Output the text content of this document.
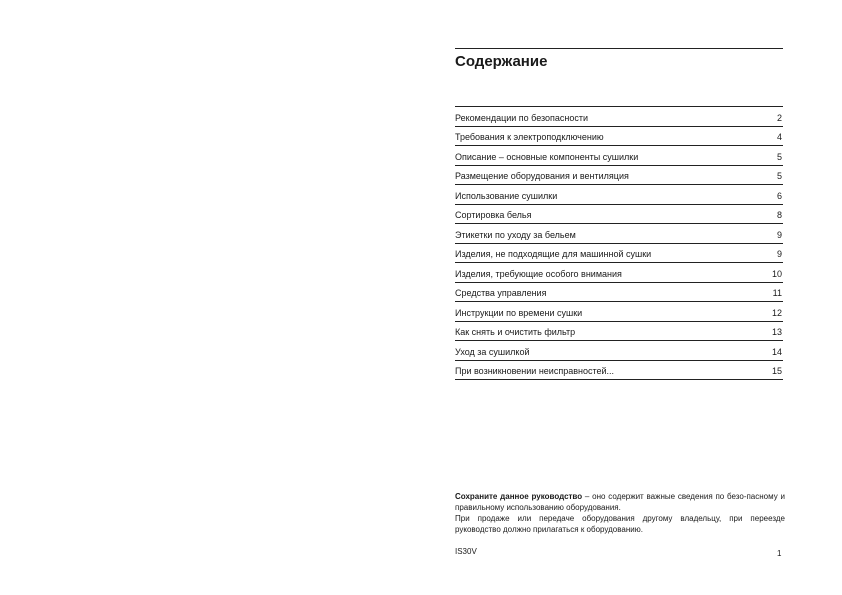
Содержание
Рекомендации по безопасности	2
Требования к электроподключению	4
Описание – основные компоненты сушилки	5
Размещение оборудования и вентиляция	5
Использование сушилки	6
Сортировка белья	8
Этикетки по уходу за бельем	9
Изделия, не подходящие для машинной сушки	9
Изделия, требующие особого внимания	10
Средства управления	11
Инструкции по времени сушки	12
Как снять и очистить фильтр	13
Уход за сушилкой	14
При возникновении неисправностей...	15

Сохраните данное руководство – оно содержит важные сведения по безо-пасному и правильному использованию оборудования.

При продаже или передаче оборудования другому владельцу, при переезде руководство должно прилагаться к оборудованию.

IS30V	1
